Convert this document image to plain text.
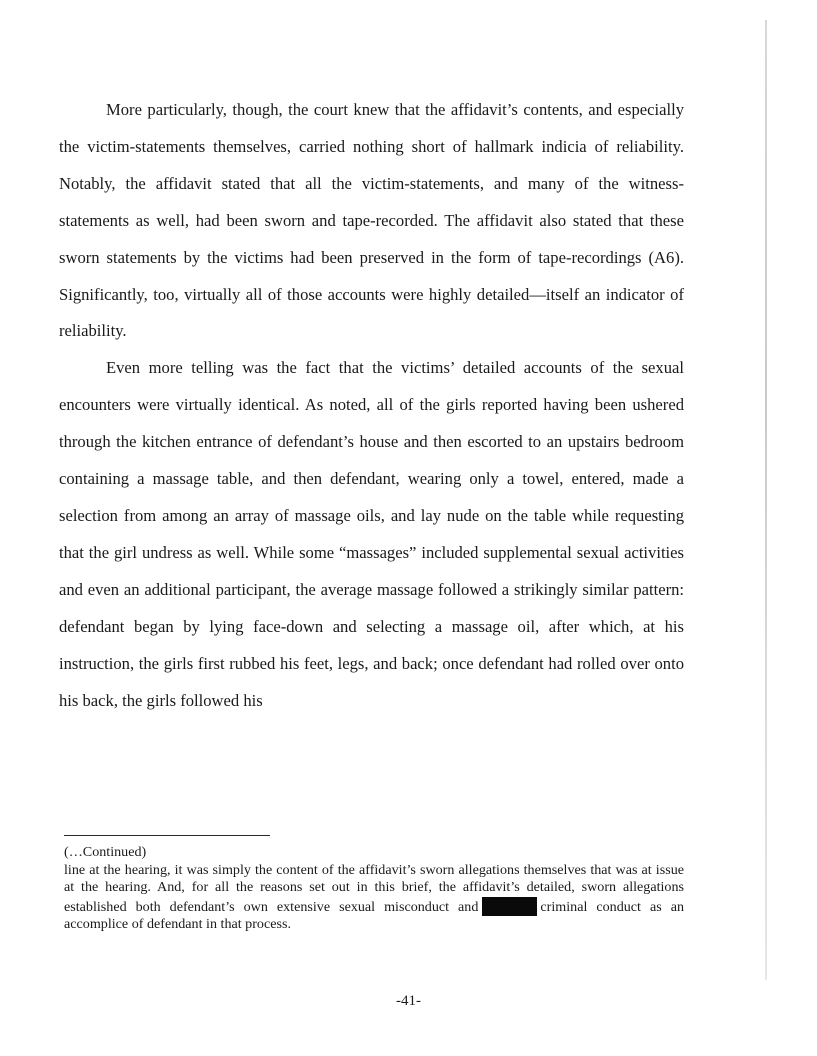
More particularly, though, the court knew that the affidavit’s contents, and especially the victim-statements themselves, carried nothing short of hallmark indicia of reliability. Notably, the affidavit stated that all the victim-statements, and many of the witness-statements as well, had been sworn and tape-recorded. The affidavit also stated that these sworn statements by the victims had been preserved in the form of tape-recordings (A6). Significantly, too, virtually all of those accounts were highly detailed—itself an indicator of reliability.

Even more telling was the fact that the victims’ detailed accounts of the sexual encounters were virtually identical. As noted, all of the girls reported having been ushered through the kitchen entrance of defendant’s house and then escorted to an upstairs bedroom containing a massage table, and then defendant, wearing only a towel, entered, made a selection from among an array of massage oils, and lay nude on the table while requesting that the girl undress as well. While some “massages” included supplemental sexual activities and even an additional participant, the average massage followed a strikingly similar pattern: defendant began by lying face-down and selecting a massage oil, after which, at his instruction, the girls first rubbed his feet, legs, and back; once defendant had rolled over onto his back, the girls followed his

(…Continued)

line at the hearing, it was simply the content of the affidavit’s sworn allegations themselves that was at issue at the hearing. And, for all the reasons set out in this brief, the affidavit’s detailed, sworn allegations established both defendant’s own extensive sexual misconduct and	criminal conduct as an accomplice of defendant in that process.

-41-
